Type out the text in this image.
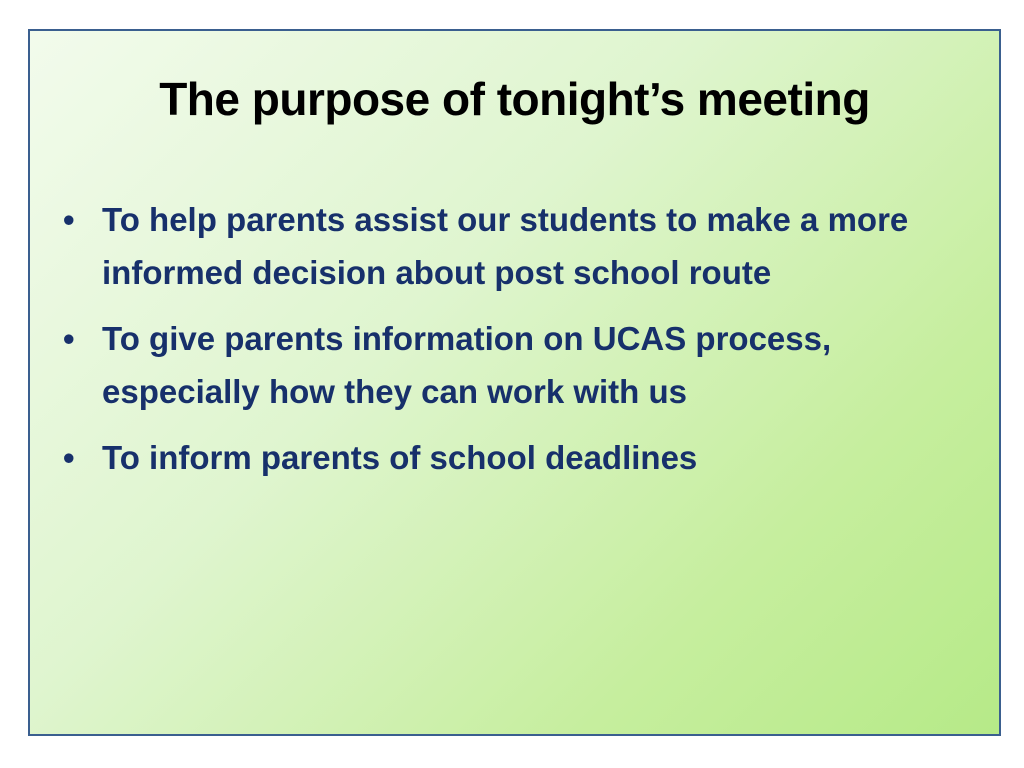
The purpose of tonight’s meeting
• To help parents assist our students to make a more informed decision about post school route
• To give parents information on UCAS process, especially how they can work with us
• To inform parents of school deadlines
